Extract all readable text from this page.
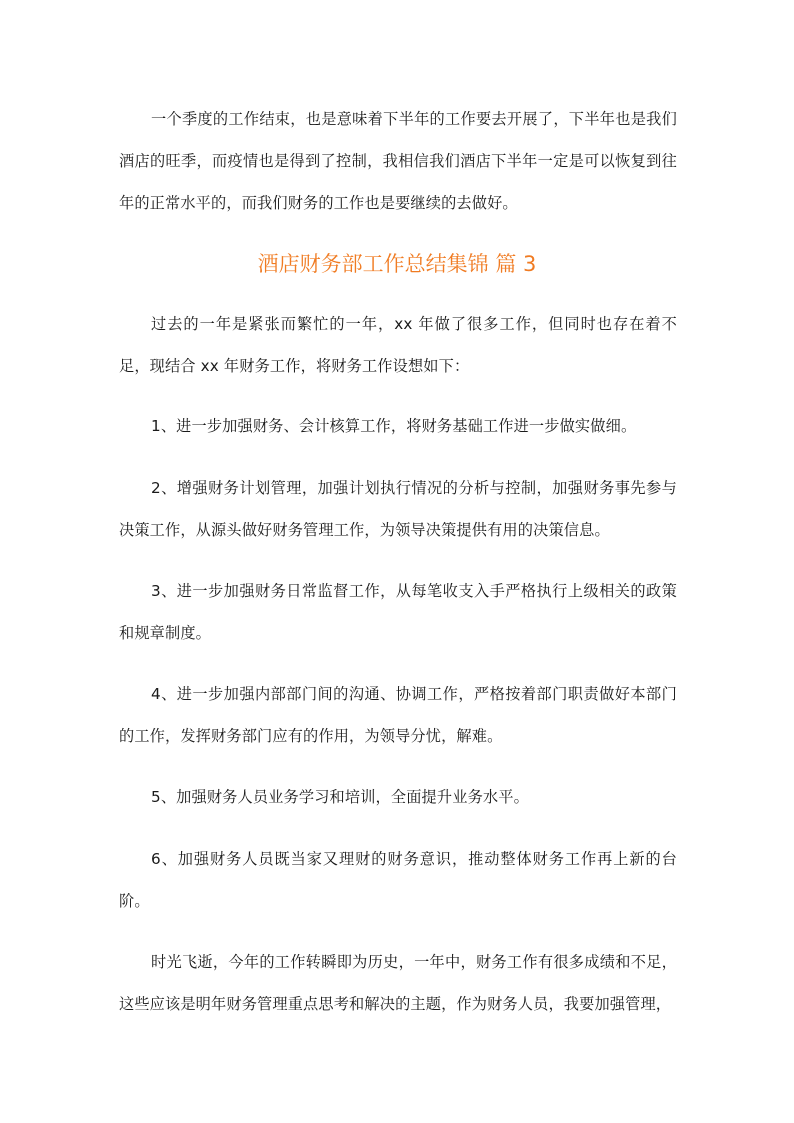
一个季度的工作结束，也是意味着下半年的工作要去开展了，下半年也是我们酒店的旺季，而疫情也是得到了控制，我相信我们酒店下半年一定是可以恢复到往年的正常水平的，而我们财务的工作也是要继续的去做好。

酒店财务部工作总结集锦 篇 3

过去的一年是紧张而繁忙的一年，xx 年做了很多工作，但同时也存在着不足，现结合 xx 年财务工作，将财务工作设想如下：

1、进一步加强财务、会计核算工作，将财务基础工作进一步做实做细。

2、增强财务计划管理，加强计划执行情况的分析与控制，加强财务事先参与决策工作，从源头做好财务管理工作，为领导决策提供有用的决策信息。

3、进一步加强财务日常监督工作，从每笔收支入手严格执行上级相关的政策和规章制度。

4、进一步加强内部部门间的沟通、协调工作，严格按着部门职责做好本部门的工作，发挥财务部门应有的作用，为领导分忧，解难。

5、加强财务人员业务学习和培训，全面提升业务水平。

6、加强财务人员既当家又理财的财务意识，推动整体财务工作再上新的台阶。

时光飞逝，今年的工作转瞬即为历史，一年中，财务工作有很多成绩和不足，这些应该是明年财务管理重点思考和解决的主题，作为财务人员，我要加强管理，
